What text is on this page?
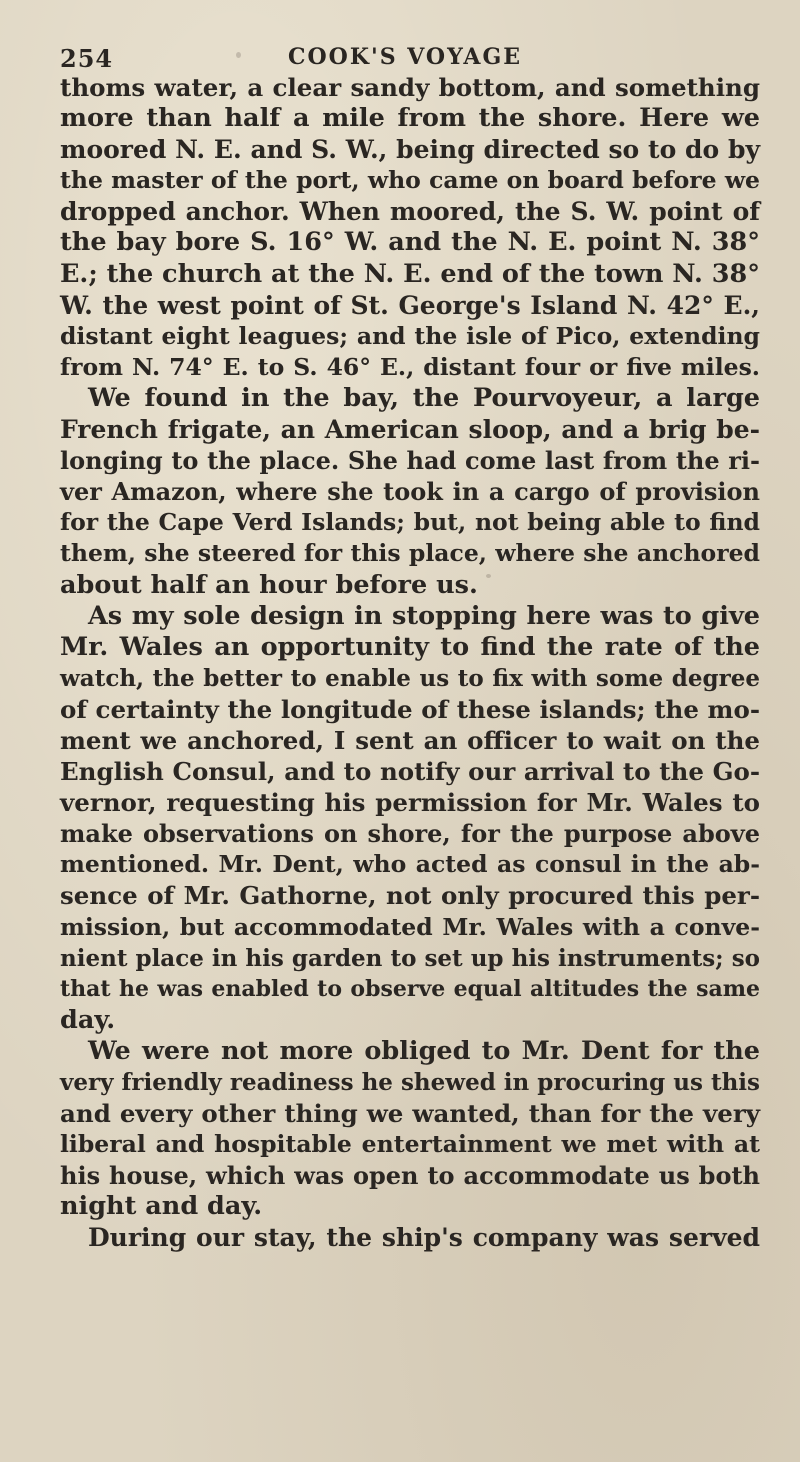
254	COOK'S VOYAGE
thoms water, a clear sandy bottom, and something
more than half a mile from the shore. Here we
moored N. E. and S. W., being directed so to do by
the master of the port, who came on board before we
dropped anchor. When moored, the S. W. point of
the bay bore S. 16° W. and the N. E. point N. 38°
E.; the church at the N. E. end of the town N. 38°
W. the west point of St. George's Island N. 42° E.,
distant eight leagues; and the isle of Pico, extending
from N. 74° E. to S. 46° E., distant four or five miles.
We found in the bay, the Pourvoyeur, a large
French frigate, an American sloop, and a brig be-
longing to the place. She had come last from the ri-
ver Amazon, where she took in a cargo of provision
for the Cape Verd Islands; but, not being able to find
them, she steered for this place, where she anchored
about half an hour before us.
As my sole design in stopping here was to give
Mr. Wales an opportunity to find the rate of the
watch, the better to enable us to fix with some degree
of certainty the longitude of these islands; the mo-
ment we anchored, I sent an officer to wait on the
English Consul, and to notify our arrival to the Go-
vernor, requesting his permission for Mr. Wales to
make observations on shore, for the purpose above
mentioned. Mr. Dent, who acted as consul in the ab-
sence of Mr. Gathorne, not only procured this per-
mission, but accommodated Mr. Wales with a conve-
nient place in his garden to set up his instruments; so
that he was enabled to observe equal altitudes the same
day.
We were not more obliged to Mr. Dent for the
very friendly readiness he shewed in procuring us this
and every other thing we wanted, than for the very
liberal and hospitable entertainment we met with at
his house, which was open to accommodate us both
night and day.
During our stay, the ship's company was served
